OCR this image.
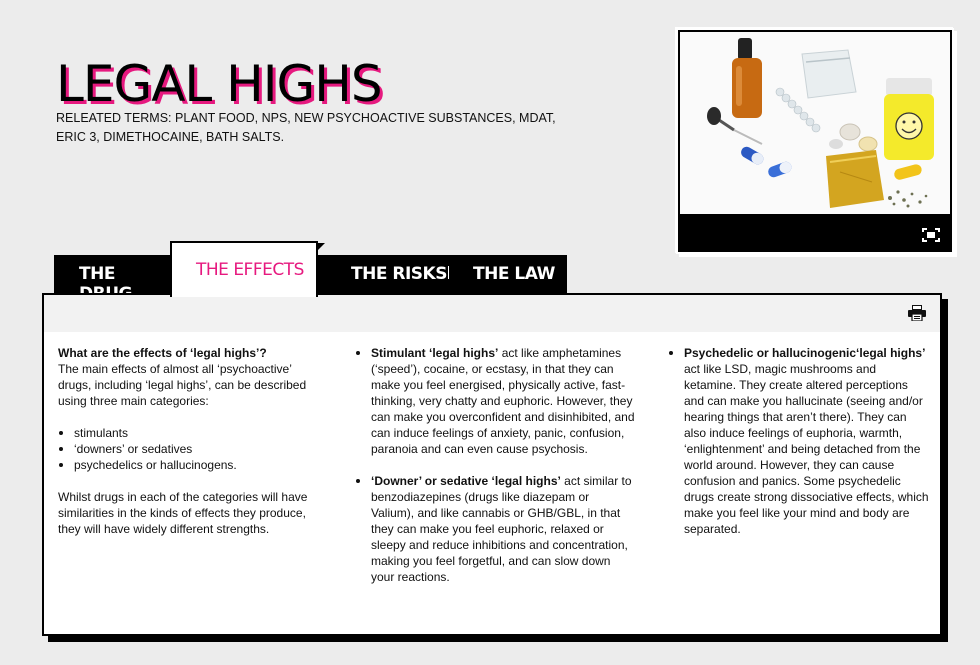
LEGAL HIGHS
RELEATED TERMS: PLANT FOOD, NPS, NEW PSYCHOACTIVE SUBSTANCES, MDAT, ERIC 3, DIMETHOCAINE, BATH SALTS.
THE	THE EFFECTS	THE RISKS THE LAW

What are the effects of ‘legal highs’?

The main effects of almost all ‘psychoactive’ drugs, including ‘legal highs’, can be described using three main categories:

stimulants
‘downers’ or sedatives
psychedelics or hallucinogens.

Whilst drugs in each of the categories will have similarities in the kinds of effects they produce, they will have widely different strengths.

Stimulant ‘legal highs’ act like amphetamines (‘speed’), cocaine, or ecstasy, in that they can make you feel energised, physically active, fast-thinking, very chatty and euphoric. However, they can make you overconfident and disinhibited, and can induce feelings of anxiety, panic, confusion, paranoia and can even cause psychosis.

‘Downer’ or sedative ‘legal highs’ act similar to benzodiazepines (drugs like diazepam or Valium), and like cannabis or GHB/GBL, in that they can make you feel euphoric, relaxed or sleepy and reduce inhibitions and concentration, making you feel forgetful, and can slow down your reactions.

Psychedelic or hallucinogenic‘legal highs’ act like LSD, magic mushrooms and ketamine. They create altered perceptions and can make you hallucinate (seeing and/or hearing things that aren’t there). They can also induce feelings of euphoria, warmth, ‘enlightenment’ and being detached from the world around. However, they can cause confusion and panics. Some psychedelic drugs create strong dissociative effects, which make you feel like your mind and body are separated.
